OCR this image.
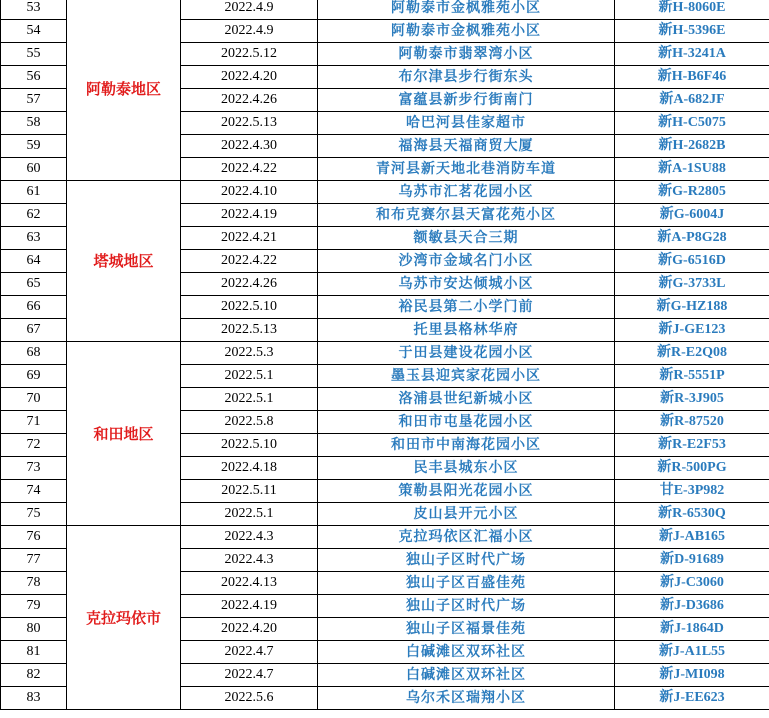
53	阿勒泰地区	2022.4.9	阿勒泰市金枫雅苑小区	新H-8060E
54		2022.4.9	阿勒泰市金枫雅苑小区	新H-5396E
55		2022.5.12	阿勒泰市翡翠湾小区	新H-3241A
56		2022.4.20	布尔津县步行街东头	新H-B6F46
57		2022.4.26	富蕴县新步行街南门	新A-682JF
58		2022.5.13	哈巴河县佳家超市	新H-C5075
59		2022.4.30	福海县天福商贸大厦	新H-2682B
60		2022.4.22	青河县新天地北巷消防车道	新A-1SU88
61	塔城地区	2022.4.10	乌苏市汇茗花园小区	新G-R2805
62		2022.4.19	和布克赛尔县天富花苑小区	新G-6004J
63		2022.4.21	额敏县天合三期	新A-P8G28
64		2022.4.22	沙湾市金域名门小区	新G-6516D
65		2022.4.26	乌苏市安达倾城小区	新G-3733L
66		2022.5.10	裕民县第二小学门前	新G-HZ188
67		2022.5.13	托里县格林华府	新J-GE123
68	和田地区	2022.5.3	于田县建设花园小区	新R-E2Q08
69		2022.5.1	墨玉县迎宾家花园小区	新R-5551P
70		2022.5.1	洛浦县世纪新城小区	新R-3J905
71		2022.5.8	和田市屯垦花园小区	新R-87520
72		2022.5.10	和田市中南海花园小区	新R-E2F53
73		2022.4.18	民丰县城东小区	新R-500PG
74		2022.5.11	策勒县阳光花园小区	甘E-3P982
75		2022.5.1	皮山县开元小区	新R-6530Q
76	克拉玛依市	2022.4.3	克拉玛依区汇福小区	新J-AB165
77		2022.4.3	独山子区时代广场	新D-91689
78		2022.4.13	独山子区百盛佳苑	新J-C3060
79		2022.4.19	独山子区时代广场	新J-D3686
80		2022.4.20	独山子区福景佳苑	新J-1864D
81		2022.4.7	白碱滩区双环社区	新J-A1L55
82		2022.4.7	白碱滩区双环社区	新J-MI098
83		2022.5.6	乌尔禾区瑞翔小区	新J-EE623
